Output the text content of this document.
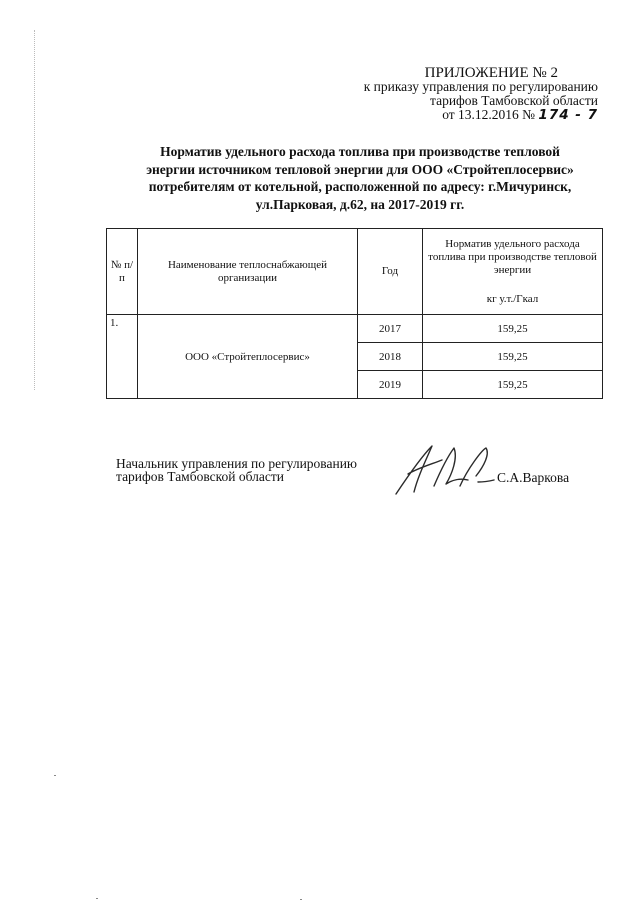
ПРИЛОЖЕНИЕ № 2
к приказу управления по регулированию
тарифов Тамбовской области
от 13.12.2016 № 174 - 7
Норматив удельного расхода топлива при производстве тепловой
энергии источником тепловой энергии для ООО «Стройтеплосервис»
потребителям от котельной, расположенной по адресу: г.Мичуринск,
ул.Парковая, д.62, на 2017-2019 гг.
№ п/п	Наименование теплоснабжающей организации	Год	Норматив удельного расхода топлива при производстве тепловой энергии
кг у.т./Гкал

1.	ООО «Стройтеплосервис»	2017	159,25
		2018	159,25
		2019	159,25
Начальник управления по регулированию
тарифов Тамбовской области	С.А.Варкова
